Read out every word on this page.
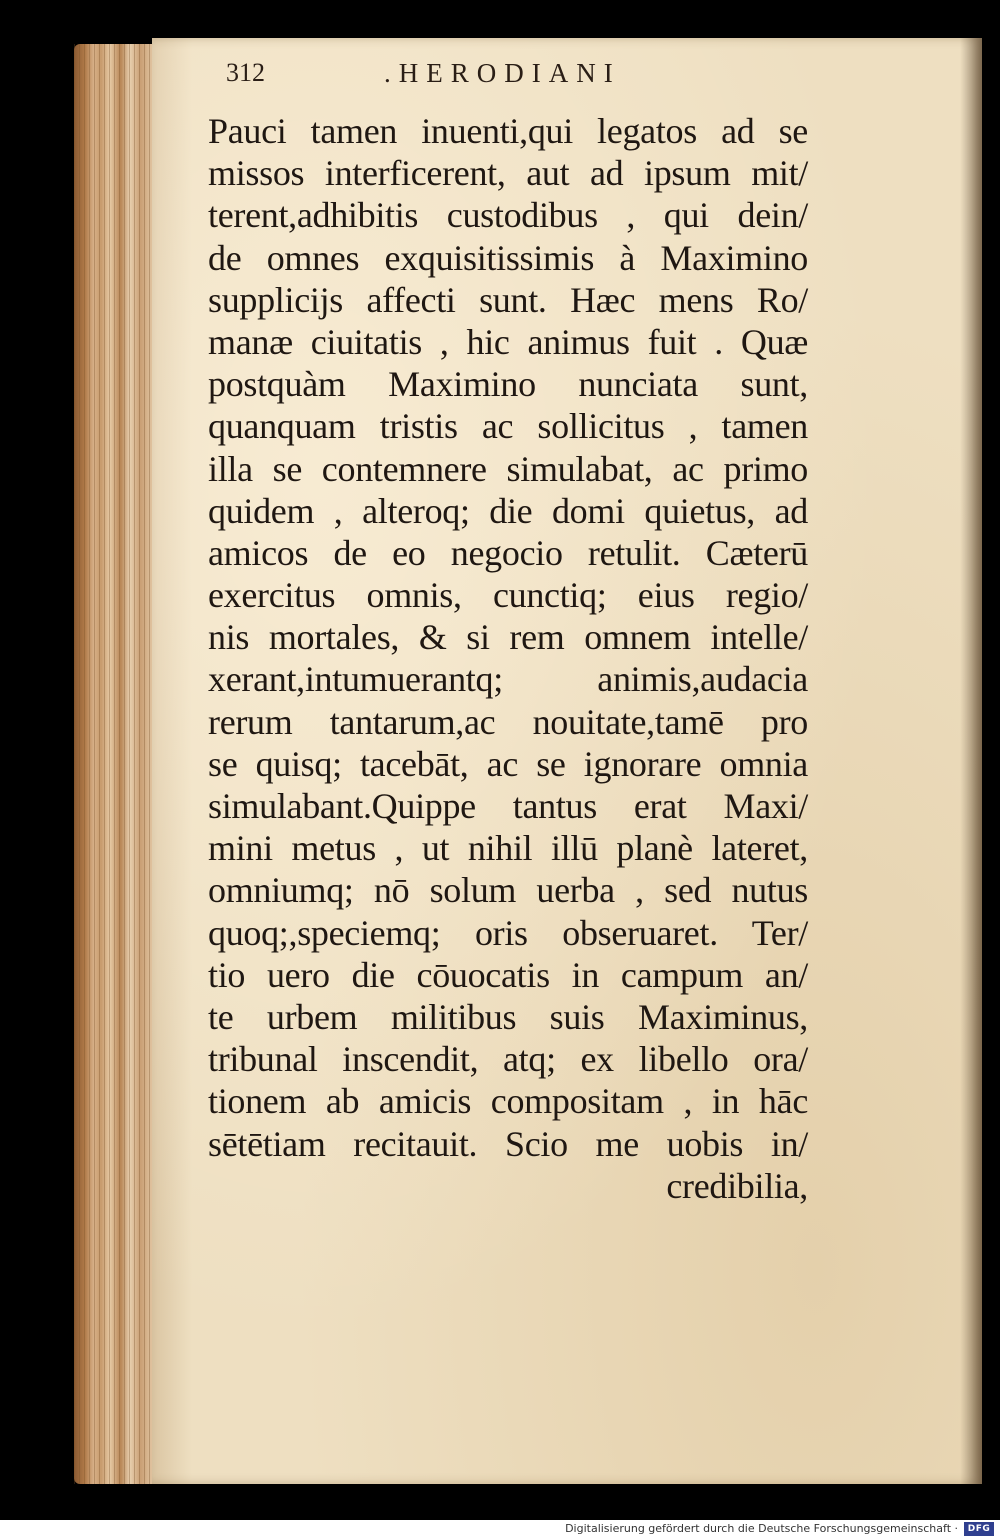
312	.HERODIANI
Pauci tamen inuenti,qui legatos ad se
missos interficerent, aut ad ipsum mit/
terent,adhibitis custodibus , qui dein/
de omnes exquisitissimis à Maximino
supplicijs affecti sunt. Hæc mens Ro/
manæ ciuitatis , hic animus fuit . Quæ
postquàm Maximino nunciata sunt,
quanquam tristis ac sollicitus , tamen
illa se contemnere simulabat, ac primo
quidem , alteroq; die domi quietus, ad
amicos de eo negocio retulit. Cæterū
exercitus omnis, cunctiq; eius regio/
nis mortales, & si rem omnem intelle/
xerant,intumuerantq; animis,audacia
rerum tantarum,ac nouitate,tamē pro
se quisq; tacebāt, ac se ignorare omnia
simulabant.Quippe tantus erat Maxi/
mini metus , ut nihil illū planè lateret,
omniumq; nō solum uerba , sed nutus
quoq;,speciemq; oris obseruaret. Ter/
tio uero die cōuocatis in campum an/
te urbem militibus suis Maximinus,
tribunal inscendit, atq; ex libello ora/
tionem ab amicis compositam , in hāc
sētētiam recitauit. Scio me uobis in/
credibilia,
Digitalisierung gefördert durch die Deutsche Forschungsgemeinschaft ·	DFG
